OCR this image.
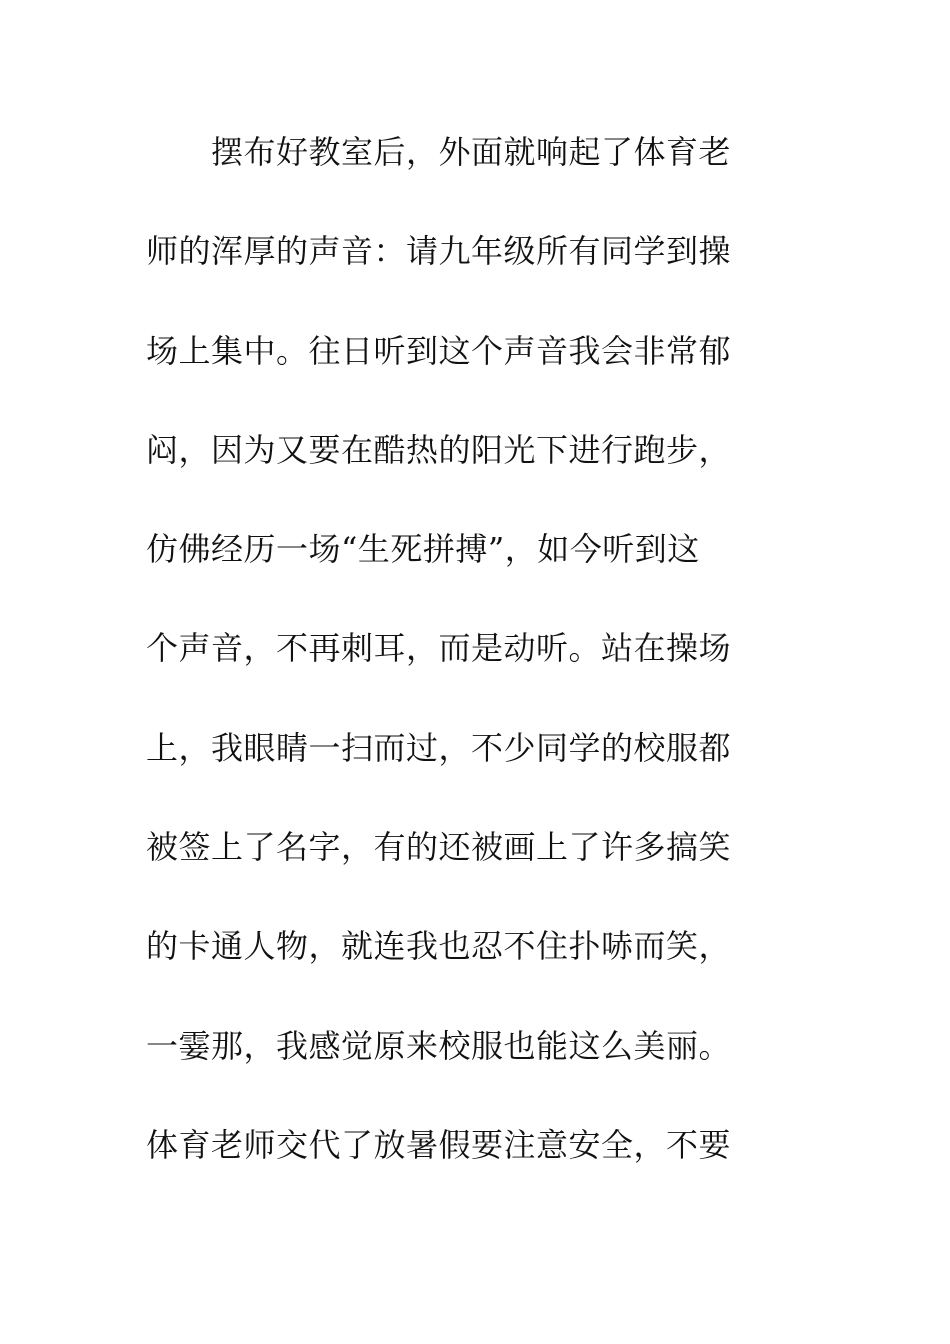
　　摆布好教室后，外面就响起了体育老
师的浑厚的声音：请九年级所有同学到操
场上集中。往日听到这个声音我会非常郁
闷，因为又要在酷热的阳光下进行跑步，
仿佛经历一场“生死拼搏”，如今听到这
个声音，不再刺耳，而是动听。站在操场
上，我眼睛一扫而过，不少同学的校服都
被签上了名字，有的还被画上了许多搞笑
的卡通人物，就连我也忍不住扑哧而笑，
一霎那，我感觉原来校服也能这么美丽。
体育老师交代了放暑假要注意安全，不要
